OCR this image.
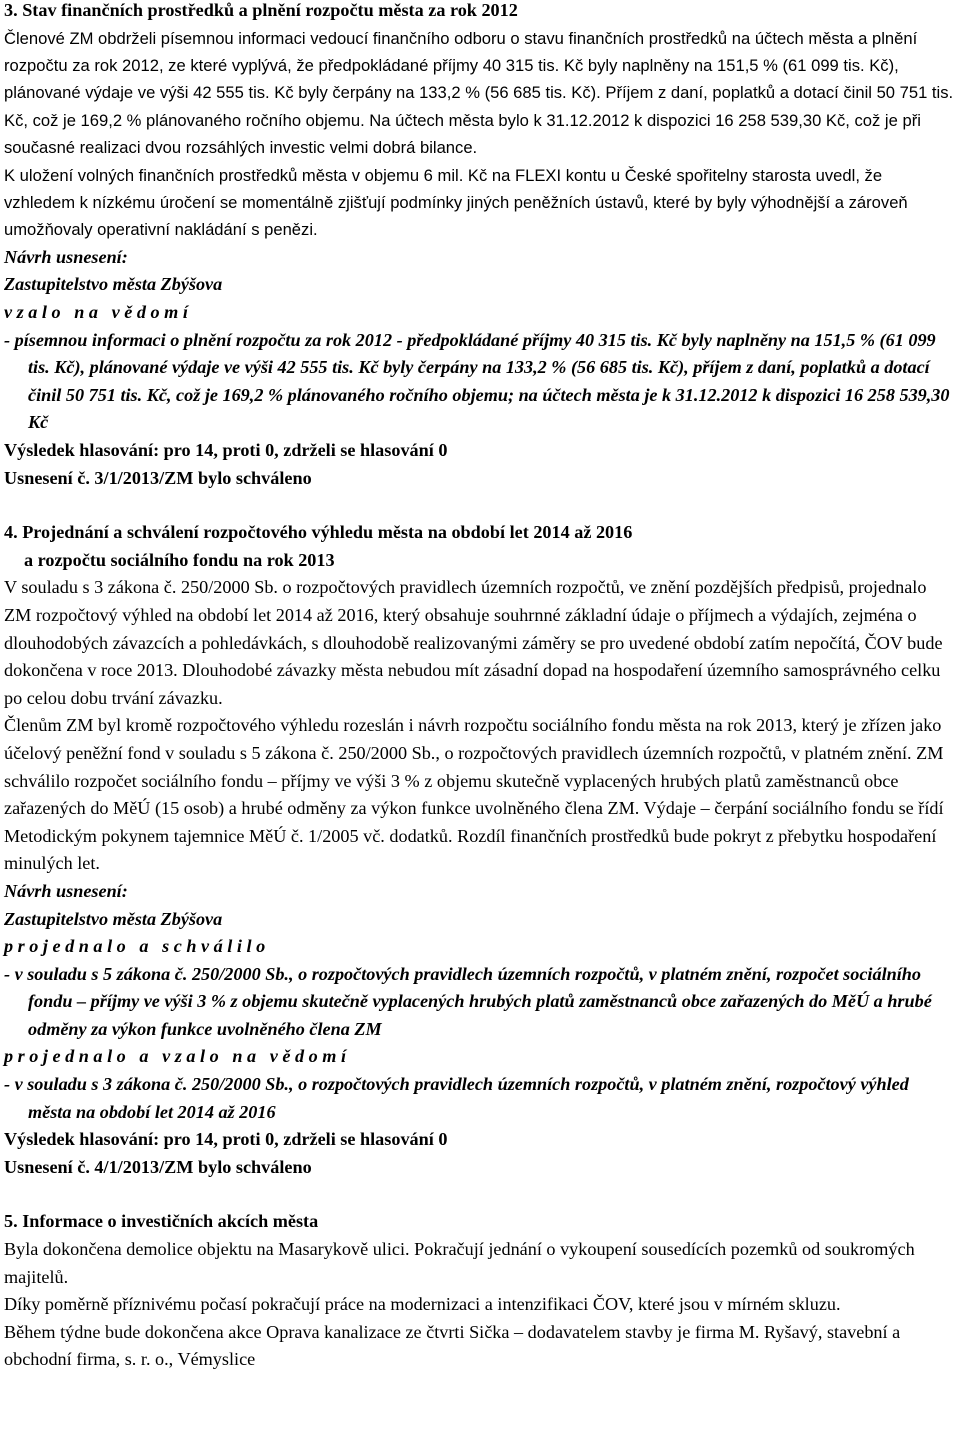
3. Stav finančních prostředků a plnění rozpočtu města za rok 2012

Členové ZM obdrželi písemnou informaci vedoucí finančního odboru o stavu finančních prostředků na účtech města a plnění rozpočtu za rok 2012, ze které vyplývá, že předpokládané příjmy 40 315 tis. Kč byly naplněny na 151,5 % (61 099 tis. Kč), plánované výdaje ve výši 42 555 tis. Kč byly čerpány na 133,2 % (56 685 tis. Kč). Příjem z daní, poplatků a dotací činil 50 751 tis. Kč, což je 169,2 % plánovaného ročního objemu. Na účtech města bylo k 31.12.2012 k dispozici 16 258 539,30 Kč, což je při současné realizaci dvou rozsáhlých investic velmi dobrá bilance.

K uložení volných finančních prostředků města v objemu 6 mil. Kč na FLEXI kontu u České spořitelny starosta uvedl, že vzhledem k nízkému úročení se momentálně zjišťují podmínky jiných peněžních ústavů, které by byly výhodnější a zároveň umožňovaly operativní nakládání s penězi.

Návrh usnesení:

Zastupitelstvo města Zbýšova

v z a l o   n a   v ě d o m í

- písemnou informaci o plnění rozpočtu za rok 2012 - předpokládané příjmy 40 315 tis. Kč byly naplněny na 151,5 % (61 099 tis. Kč), plánované výdaje ve výši 42 555 tis. Kč byly čerpány na 133,2 % (56 685 tis. Kč), příjem z daní, poplatků a dotací činil 50 751 tis. Kč, což je 169,2 % plánovaného ročního objemu; na účtech města je k 31.12.2012 k dispozici 16 258 539,30 Kč

Výsledek hlasování: pro 14, proti 0, zdrželi se hlasování 0

Usnesení č. 3/1/2013/ZM bylo schváleno

4. Projednání a schválení rozpočtového výhledu města na období let 2014 až 2016
a rozpočtu sociálního fondu na rok 2013

V souladu s 3 zákona č. 250/2000 Sb. o rozpočtových pravidlech územních rozpočtů, ve znění pozdějších předpisů, projednalo ZM rozpočtový výhled na období let 2014 až 2016, který obsahuje souhrnné základní údaje o příjmech a výdajích, zejména o dlouhodobých závazcích a pohledávkách, s dlouhodobě realizovanými záměry se pro uvedené období zatím nepočítá, ČOV bude dokončena v roce 2013. Dlouhodobé závazky města nebudou mít zásadní dopad na hospodaření územního samosprávného celku po celou dobu trvání závazku.

Členům ZM byl kromě rozpočtového výhledu rozeslán i návrh rozpočtu sociálního fondu města na rok 2013, který je zřízen jako účelový peněžní fond v souladu s 5 zákona č. 250/2000 Sb., o rozpočtových pravidlech územních rozpočtů, v platném znění. ZM schválilo rozpočet sociálního fondu – příjmy ve výši 3 % z objemu skutečně vyplacených hrubých platů zaměstnanců obce zařazených do MěÚ (15 osob) a hrubé odměny za výkon funkce uvolněného člena ZM. Výdaje – čerpání sociálního fondu se řídí Metodickým pokynem tajemnice MěÚ č. 1/2005 vč. dodatků. Rozdíl finančních prostředků bude pokryt z přebytku hospodaření minulých let.

Návrh usnesení:

Zastupitelstvo města Zbýšova

p r o j e d n a l o   a   s c h v á l i l o

- v souladu s 5 zákona č. 250/2000 Sb., o rozpočtových pravidlech územních rozpočtů, v platném znění, rozpočet sociálního fondu – příjmy ve výši 3 % z objemu skutečně vyplacených hrubých platů zaměstnanců obce zařazených do MěÚ a hrubé odměny za výkon funkce uvolněného člena ZM

p r o j e d n a l o   a   v z a l o   n a   v ě d o m í

- v souladu s 3 zákona č. 250/2000 Sb., o rozpočtových pravidlech územních rozpočtů, v platném znění, rozpočtový výhled města na období let 2014 až 2016

Výsledek hlasování: pro 14, proti 0, zdrželi se hlasování 0

Usnesení č. 4/1/2013/ZM bylo schváleno

5. Informace o investičních akcích města

Byla dokončena demolice objektu na Masarykově ulici. Pokračují jednání o vykoupení sousedících pozemků od soukromých majitelů.

Díky poměrně příznivému počasí pokračují práce na modernizaci a intenzifikaci ČOV, které jsou v mírném skluzu.

Během týdne bude dokončena akce Oprava kanalizace ze čtvrti Sička – dodavatelem stavby je firma M. Ryšavý, stavební a obchodní firma, s. r. o., Vémyslice
